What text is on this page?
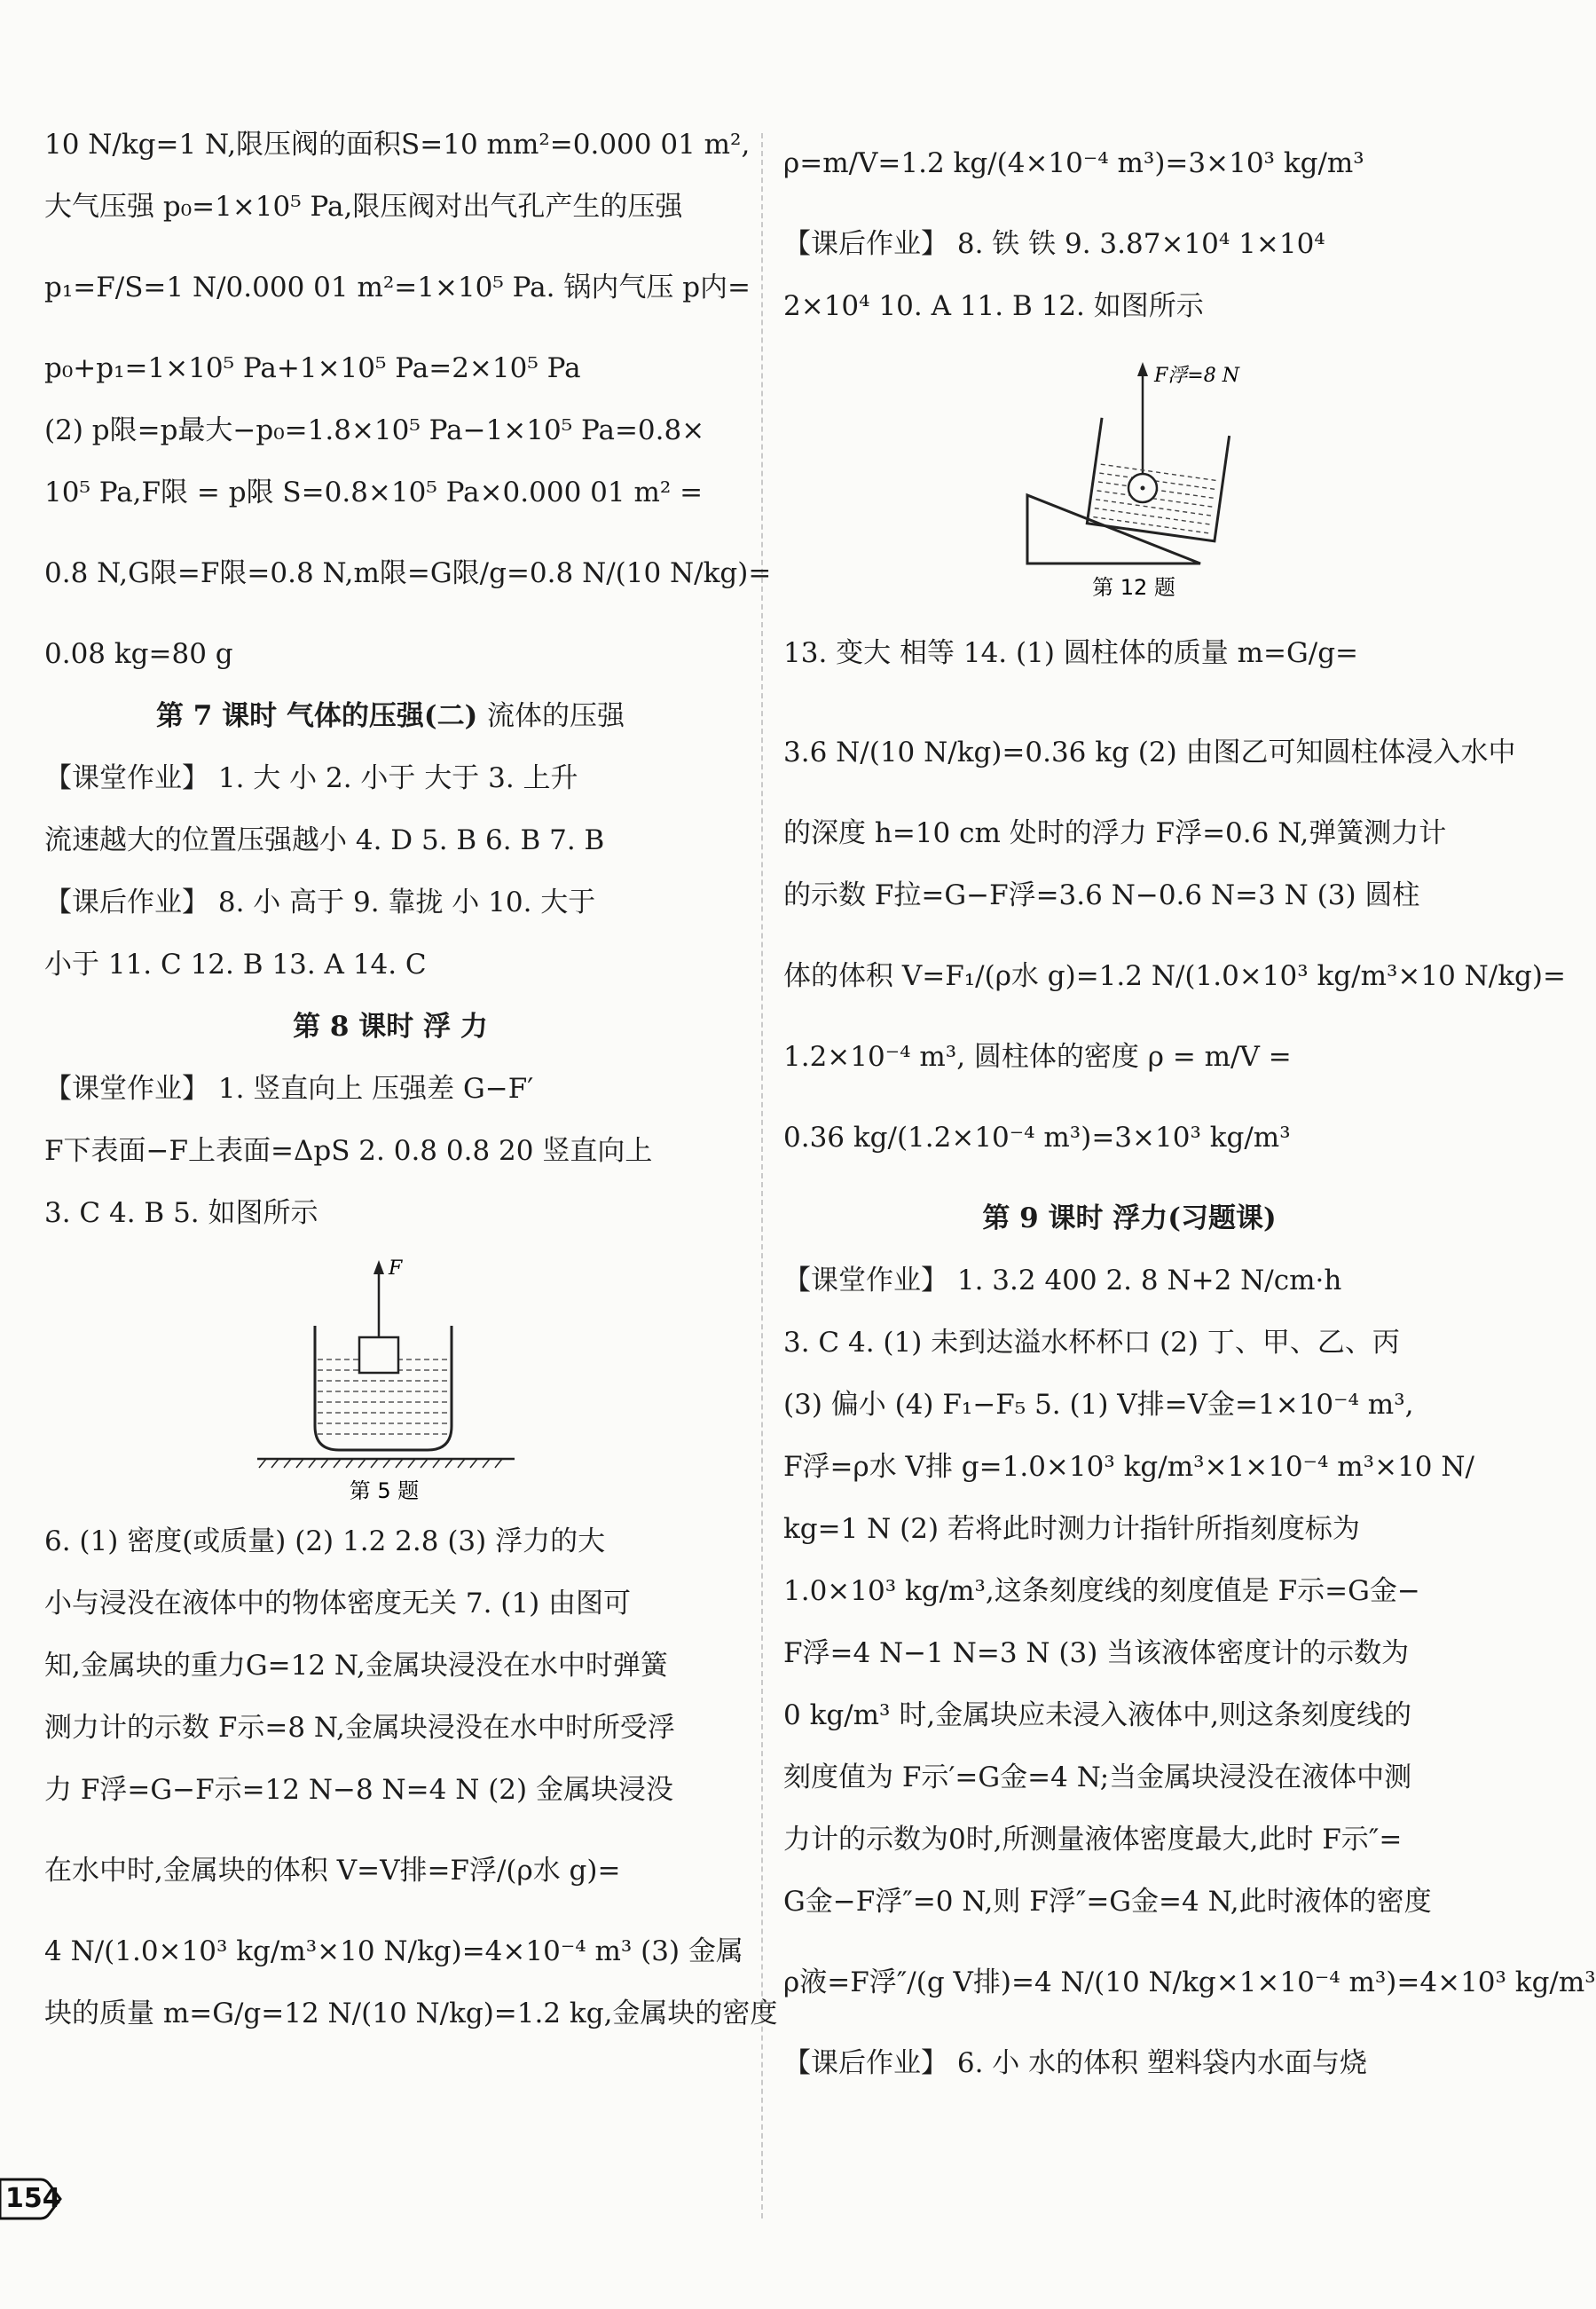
10 N/kg=1 N,限压阀的面积S=10 mm²=0.000 01 m²,
大气压强 p₀=1×10⁵ Pa,限压阀对出气孔产生的压强
p₁=F/S=1 N/0.000 01 m²=1×10⁵ Pa. 锅内气压 p内=
p₀+p₁=1×10⁵ Pa+1×10⁵ Pa=2×10⁵ Pa
(2) p限=p最大−p₀=1.8×10⁵ Pa−1×10⁵ Pa=0.8×
10⁵ Pa,F限 = p限 S=0.8×10⁵ Pa×0.000 01 m² =
0.8 N,G限=F限=0.8 N,m限=G限/g=0.8 N/(10 N/kg)=
0.08 kg=80 g
第 7 课时 气体的压强(二) 流体的压强
【课堂作业】 1. 大 小 2. 小于 大于 3. 上升
流速越大的位置压强越小 4. D 5. B 6. B 7. B
【课后作业】 8. 小 高于 9. 靠拢 小 10. 大于
小于 11. C 12. B 13. A 14. C
第 8 课时 浮 力
【课堂作业】 1. 竖直向上 压强差 G−F′
F下表面−F上表面=ΔpS 2. 0.8 0.8 20 竖直向上
3. C 4. B 5. 如图所示
F
第 5 题
6. (1) 密度(或质量) (2) 1.2 2.8 (3) 浮力的大
小与浸没在液体中的物体密度无关 7. (1) 由图可
知,金属块的重力G=12 N,金属块浸没在水中时弹簧
测力计的示数 F示=8 N,金属块浸没在水中时所受浮
力 F浮=G−F示=12 N−8 N=4 N (2) 金属块浸没
在水中时,金属块的体积 V=V排=F浮/(ρ水 g)=
4 N/(1.0×10³ kg/m³×10 N/kg)=4×10⁻⁴ m³ (3) 金属
块的质量 m=G/g=12 N/(10 N/kg)=1.2 kg,金属块的密度
ρ=m/V=1.2 kg/(4×10⁻⁴ m³)=3×10³ kg/m³
【课后作业】 8. 铁 铁 9. 3.87×10⁴ 1×10⁴
2×10⁴ 10. A 11. B 12. 如图所示
F浮=8 N
第 12 题
13. 变大 相等 14. (1) 圆柱体的质量 m=G/g=
3.6 N/(10 N/kg)=0.36 kg (2) 由图乙可知圆柱体浸入水中
的深度 h=10 cm 处时的浮力 F浮=0.6 N,弹簧测力计
的示数 F拉=G−F浮=3.6 N−0.6 N=3 N (3) 圆柱
体的体积 V=F₁/(ρ水 g)=1.2 N/(1.0×10³ kg/m³×10 N/kg)=
1.2×10⁻⁴ m³, 圆柱体的密度 ρ = m/V =
0.36 kg/(1.2×10⁻⁴ m³)=3×10³ kg/m³
第 9 课时 浮力(习题课)
【课堂作业】 1. 3.2 400 2. 8 N+2 N/cm·h
3. C 4. (1) 未到达溢水杯杯口 (2) 丁、甲、乙、丙
(3) 偏小 (4) F₁−F₅ 5. (1) V排=V金=1×10⁻⁴ m³,
F浮=ρ水 V排 g=1.0×10³ kg/m³×1×10⁻⁴ m³×10 N/
kg=1 N (2) 若将此时测力计指针所指刻度标为
1.0×10³ kg/m³,这条刻度线的刻度值是 F示=G金−
F浮=4 N−1 N=3 N (3) 当该液体密度计的示数为
0 kg/m³ 时,金属块应未浸入液体中,则这条刻度线的
刻度值为 F示′=G金=4 N;当金属块浸没在液体中测
力计的示数为0时,所测量液体密度最大,此时 F示″=
G金−F浮″=0 N,则 F浮″=G金=4 N,此时液体的密度
ρ液=F浮″/(g V排)=4 N/(10 N/kg×1×10⁻⁴ m³)=4×10³ kg/m³
【课后作业】 6. 小 水的体积 塑料袋内水面与烧
154
